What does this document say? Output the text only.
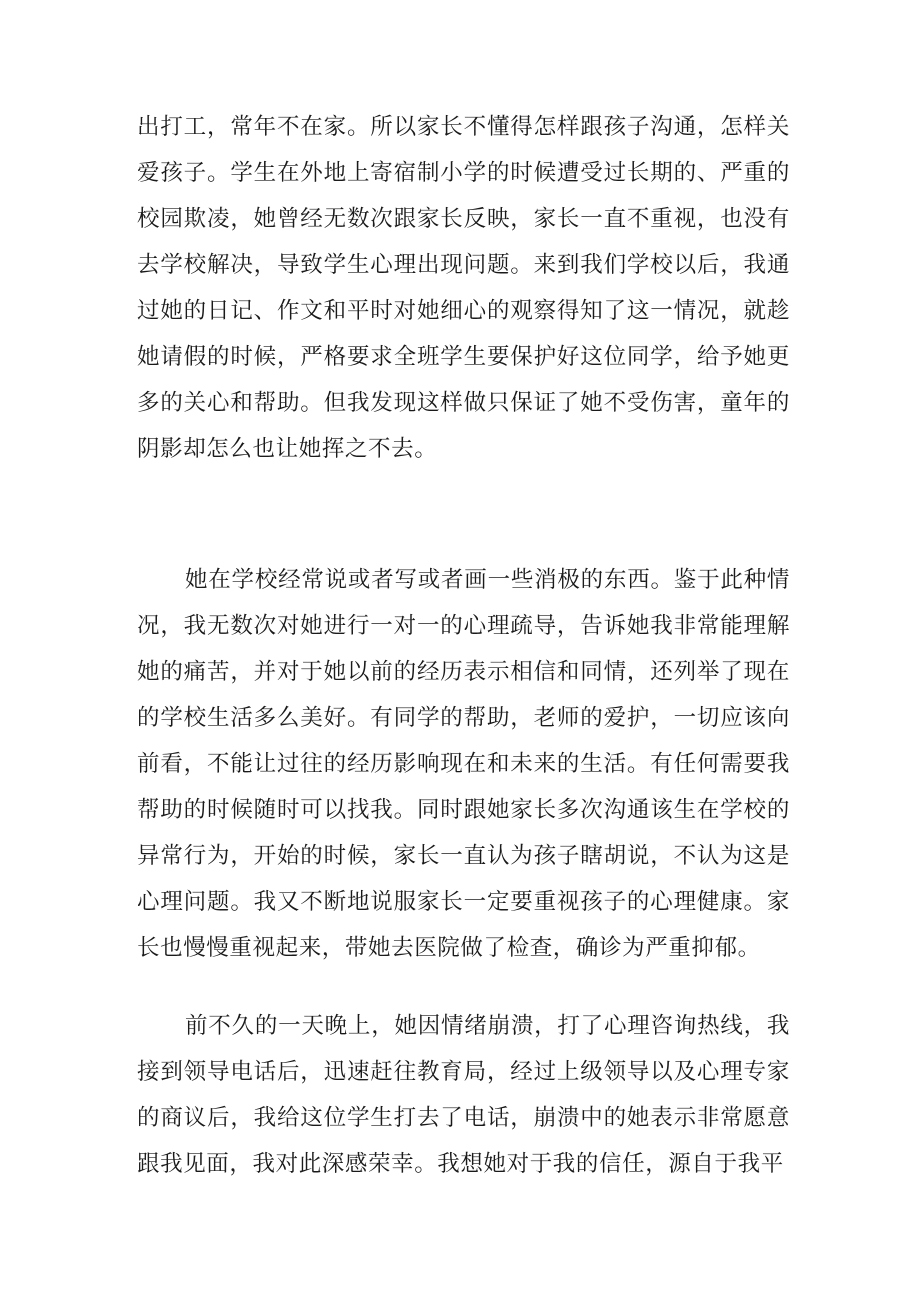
出打工，常年不在家。所以家长不懂得怎样跟孩子沟通，怎样关爱孩子。学生在外地上寄宿制小学的时候遭受过长期的、严重的校园欺凌，她曾经无数次跟家长反映，家长一直不重视，也没有去学校解决，导致学生心理出现问题。来到我们学校以后，我通过她的日记、作文和平时对她细心的观察得知了这一情况，就趁她请假的时候，严格要求全班学生要保护好这位同学，给予她更多的关心和帮助。但我发现这样做只保证了她不受伤害，童年的阴影却怎么也让她挥之不去。

她在学校经常说或者写或者画一些消极的东西。鉴于此种情况，我无数次对她进行一对一的心理疏导，告诉她我非常能理解她的痛苦，并对于她以前的经历表示相信和同情，还列举了现在的学校生活多么美好。有同学的帮助，老师的爱护，一切应该向前看，不能让过往的经历影响现在和未来的生活。有任何需要我帮助的时候随时可以找我。同时跟她家长多次沟通该生在学校的异常行为，开始的时候，家长一直认为孩子瞎胡说，不认为这是心理问题。我又不断地说服家长一定要重视孩子的心理健康。家长也慢慢重视起来，带她去医院做了检查，确诊为严重抑郁。

前不久的一天晚上，她因情绪崩溃，打了心理咨询热线，我接到领导电话后，迅速赶往教育局，经过上级领导以及心理专家的商议后，我给这位学生打去了电话，崩溃中的她表示非常愿意跟我见面，我对此深感荣幸。我想她对于我的信任，源自于我平
